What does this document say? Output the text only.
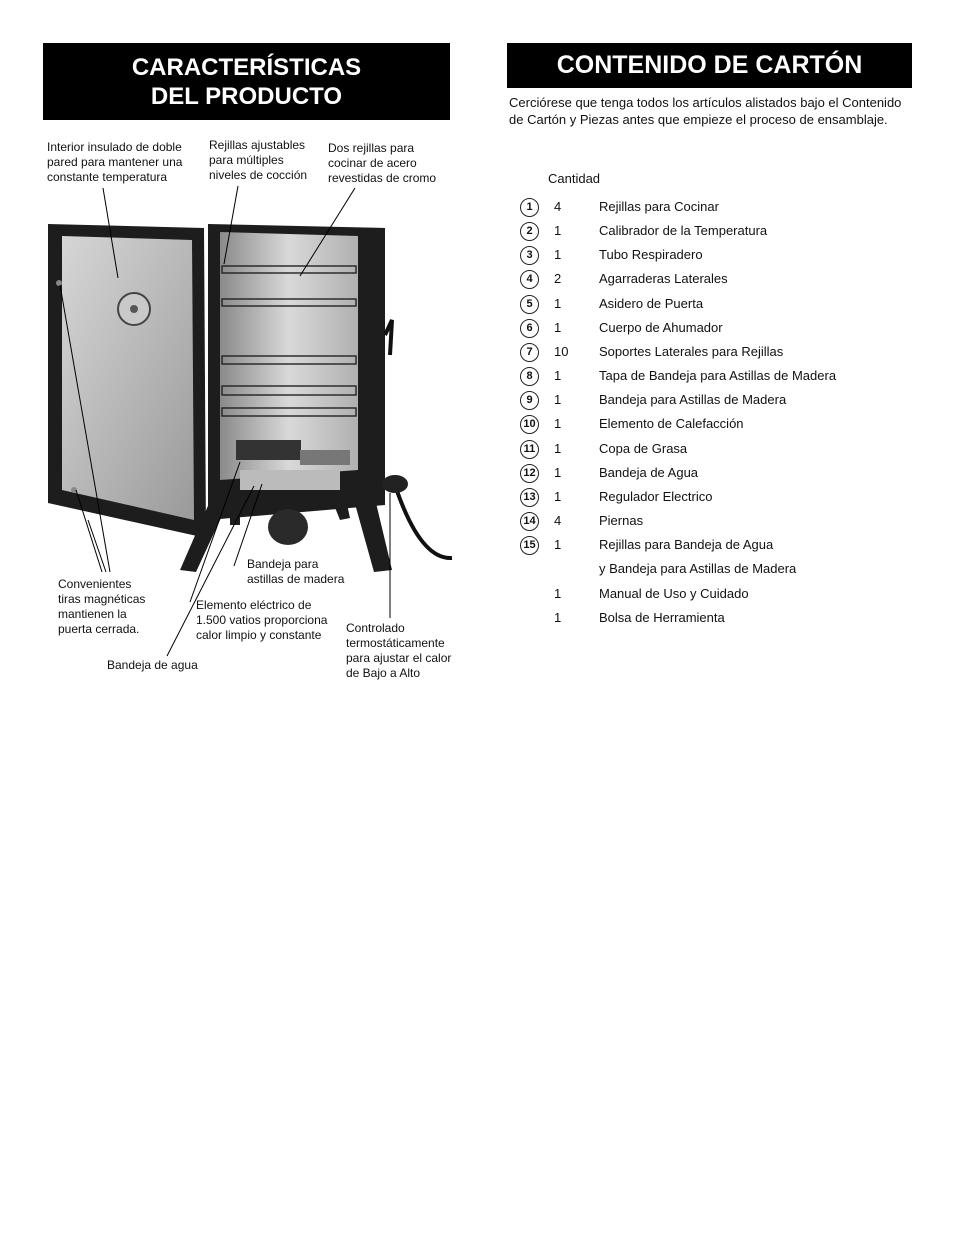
CARACTERÍSTICAS
DEL PRODUCTO
CONTENIDO DE CARTÓN
Interior insulado de doble
pared para mantener una
constante temperatura
Rejillas ajustables
para múltiples
niveles de cocción
Dos rejillas para
cocinar de acero
revestidas de cromo
Convenientes
tiras magnéticas
mantienen la
puerta cerrada.
Bandeja para
astillas de madera
Elemento eléctrico de
1.500 vatios proporciona
calor limpio y constante	Controlado
termostáticamente
para ajustar el calor
de Bajo a Alto
Bandeja de agua
Cerciórese que tenga todos los artículos alistados bajo el Contenido de Cartón y Piezas antes que empieze el proceso de ensamblaje.
Cantidad
1	4	Rejillas para Cocinar
2	1	Calibrador de la Temperatura
3	1	Tubo Respiradero
4	2	Agarraderas Laterales
5	1	Asidero de Puerta
6	1	Cuerpo de Ahumador
7	10 Soportes Laterales para Rejillas
8	1	Tapa de Bandeja para Astillas de Madera
9	1	Bandeja para Astillas de Madera
10 1	Elemento de Calefacción
11 1	Copa de Grasa
12 1	Bandeja de Agua
13 1	Regulador Electrico
14 4	Piernas
15 1	Rejillas para Bandeja de Agua
y Bandeja para Astillas de Madera
1	Manual de Uso y Cuidado
1	Bolsa de Herramienta
